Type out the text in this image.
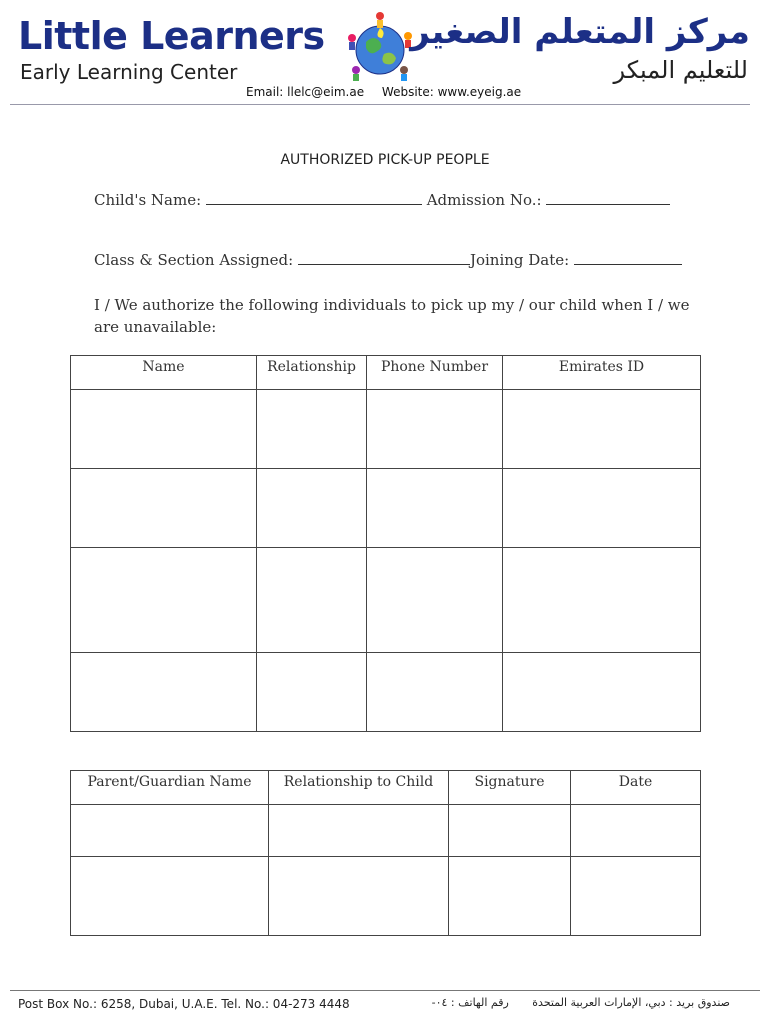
Little Learners
Early Learning Center
مركز المتعلم الصغير
للتعليم المبكر
Email: llelc@eim.ae Website: www.eyeig.ae
AUTHORIZED PICK-UP PEOPLE
Child's Name:	Admission No.:
Class & Section Assigned:	Joining Date:
I / We authorize the following individuals to pick up my / our child when I / we are unavailable:
Name	Relationship	Phone Number	Emirates ID

Parent/Guardian Name	Relationship to Child	Signature	Date

Post Box No.: 6258, Dubai, U.A.E. Tel. No.: 04-273 4448	صندوق بريد : دبي، الإمارات العربية المتحدة رقم الهاتف : ٠٤-
